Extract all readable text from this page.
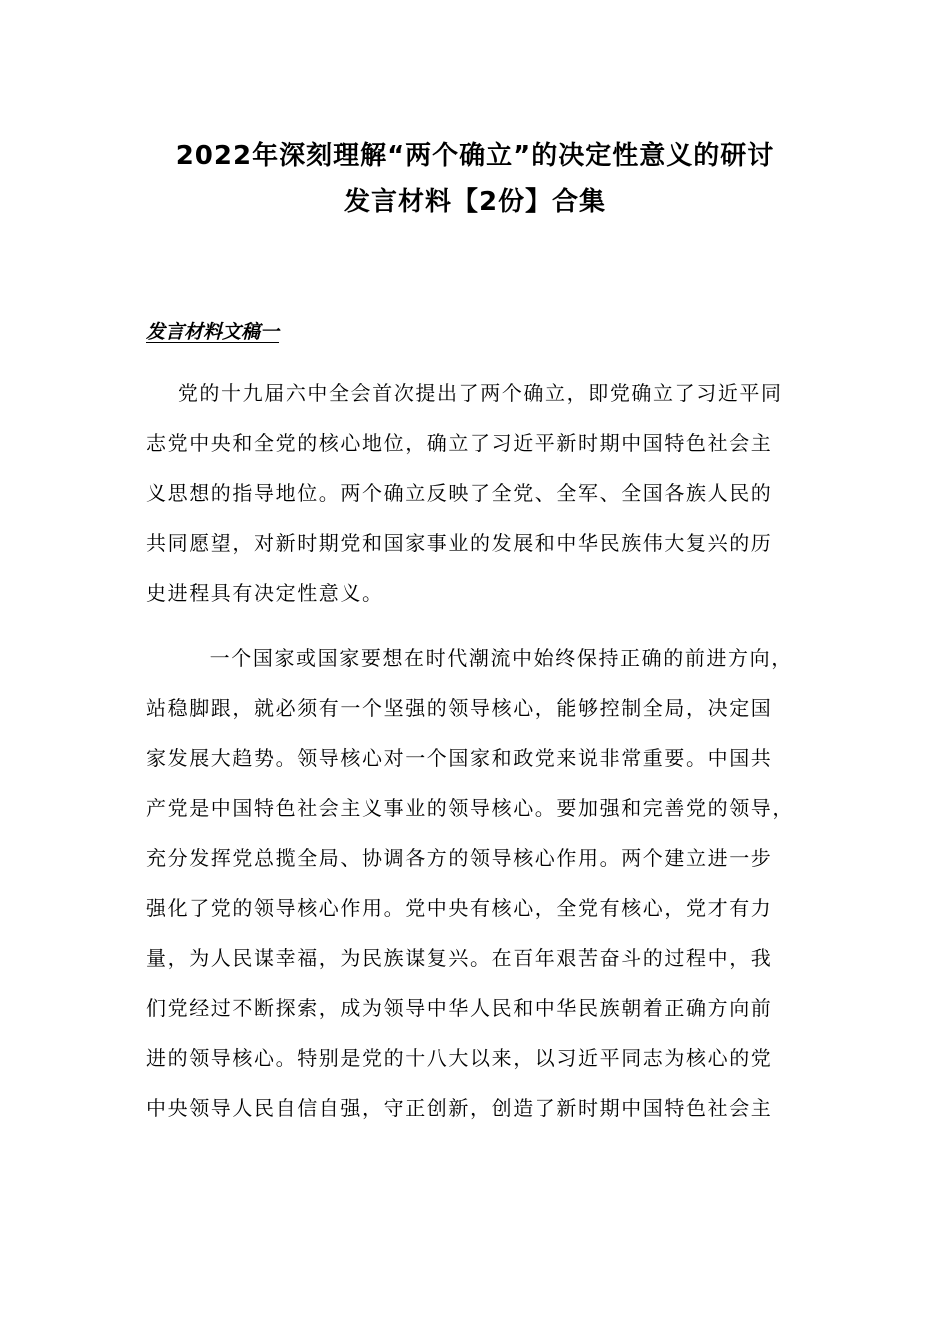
2022年深刻理解“两个确立”的决定性意义的研讨
发言材料【2份】合集
发言材料文稿一
党的十九届六中全会首次提出了两个确立，即党确立了习近平同
志党中央和全党的核心地位，确立了习近平新时期中国特色社会主
义思想的指导地位。两个确立反映了全党、全军、全国各族人民的
共同愿望，对新时期党和国家事业的发展和中华民族伟大复兴的历
史进程具有决定性意义。
一个国家或国家要想在时代潮流中始终保持正确的前进方向，
站稳脚跟，就必须有一个坚强的领导核心，能够控制全局，决定国
家发展大趋势。领导核心对一个国家和政党来说非常重要。中国共
产党是中国特色社会主义事业的领导核心。要加强和完善党的领导，
充分发挥党总揽全局、协调各方的领导核心作用。两个建立进一步
强化了党的领导核心作用。党中央有核心，全党有核心，党才有力
量，为人民谋幸福，为民族谋复兴。在百年艰苦奋斗的过程中，我
们党经过不断探索，成为领导中华人民和中华民族朝着正确方向前
进的领导核心。特别是党的十八大以来，以习近平同志为核心的党
中央领导人民自信自强，守正创新，创造了新时期中国特色社会主
